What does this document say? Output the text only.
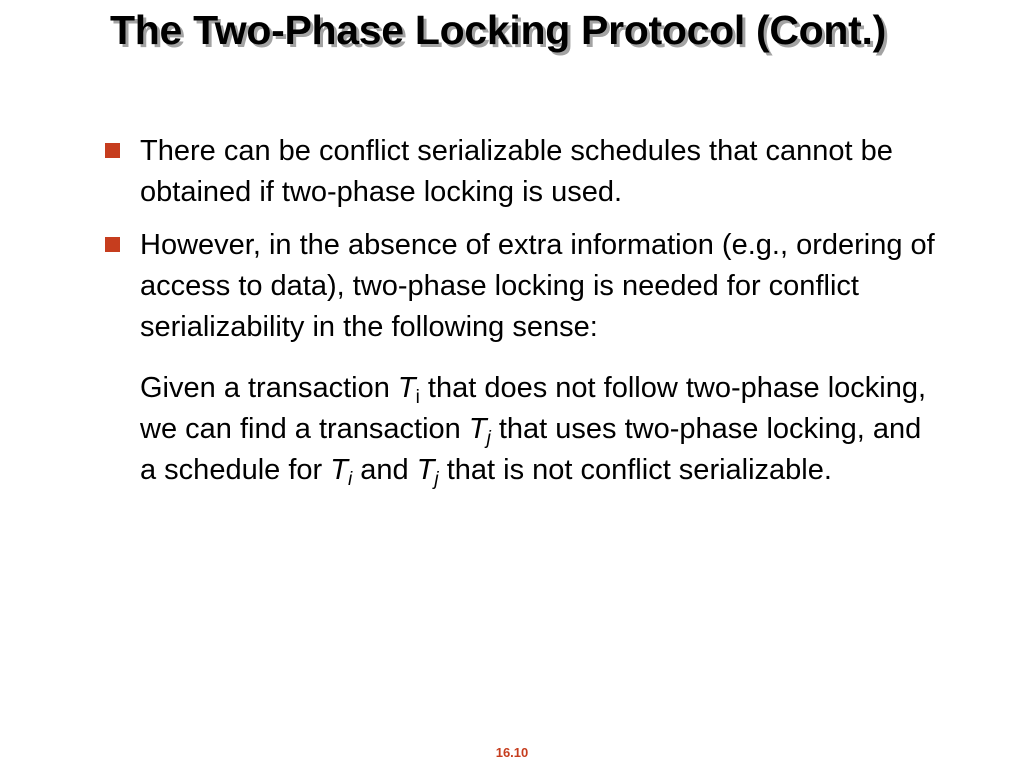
The Two-Phase Locking Protocol (Cont.)
There can be conflict serializable schedules that cannot be obtained if two-phase locking is used.
However, in the absence of extra information (e.g., ordering of access to data), two-phase locking is needed for conflict serializability in the following sense:
Given a transaction $T_i$ that does not follow two-phase locking, we can find a transaction $T_j$ that uses two-phase locking, and a schedule for $T_i$ and $T_j$ that is not conflict serializable.
16.10
